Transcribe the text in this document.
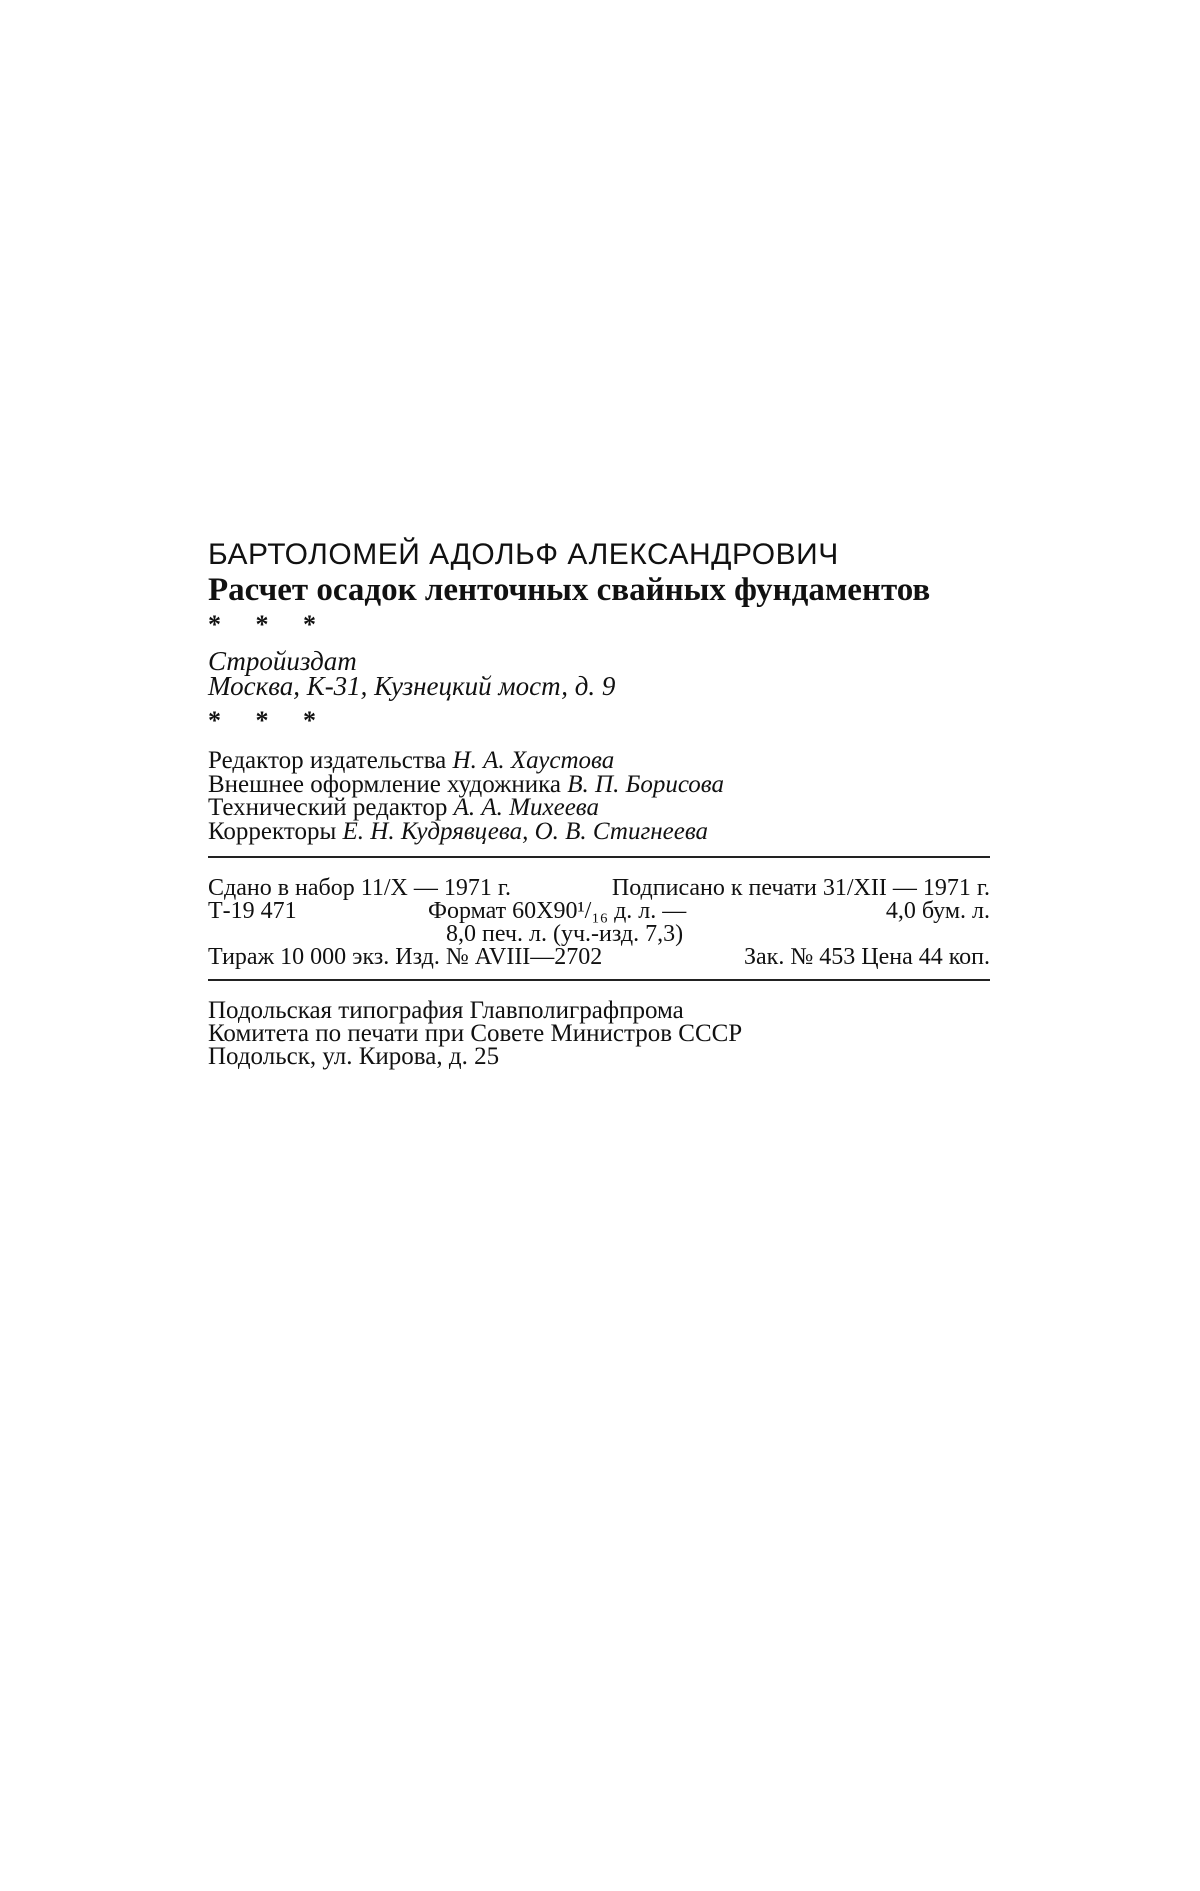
БАРТОЛОМЕЙ АДОЛЬФ АЛЕКСАНДРОВИЧ
Расчет осадок ленточных свайных фундаментов
* * *
Стройиздат
Москва, К-31, Кузнецкий мост, д. 9
* * *
Редактор издательства Н. А. Хаустова
Внешнее оформление художника В. П. Борисова
Технический редактор А. А. Михеева
Корректоры Е. Н. Кудрявцева, О. В. Стигнеева
Сдано в набор 11/X — 1971 г.	Подписано к печати 31/XII — 1971 г.
Т-19 471	Формат 60X90¹/₁₆ д. л. —	4,0 бум. л.
8,0 печ. л. (уч.-изд. 7,3)
Тираж 10 000 экз. Изд. № AVIII—2702	Зак. № 453 Цена 44 коп.
Подольская типография Главполиграфпрома
Комитета по печати при Совете Министров СССР
Подольск, ул. Кирова, д. 25
